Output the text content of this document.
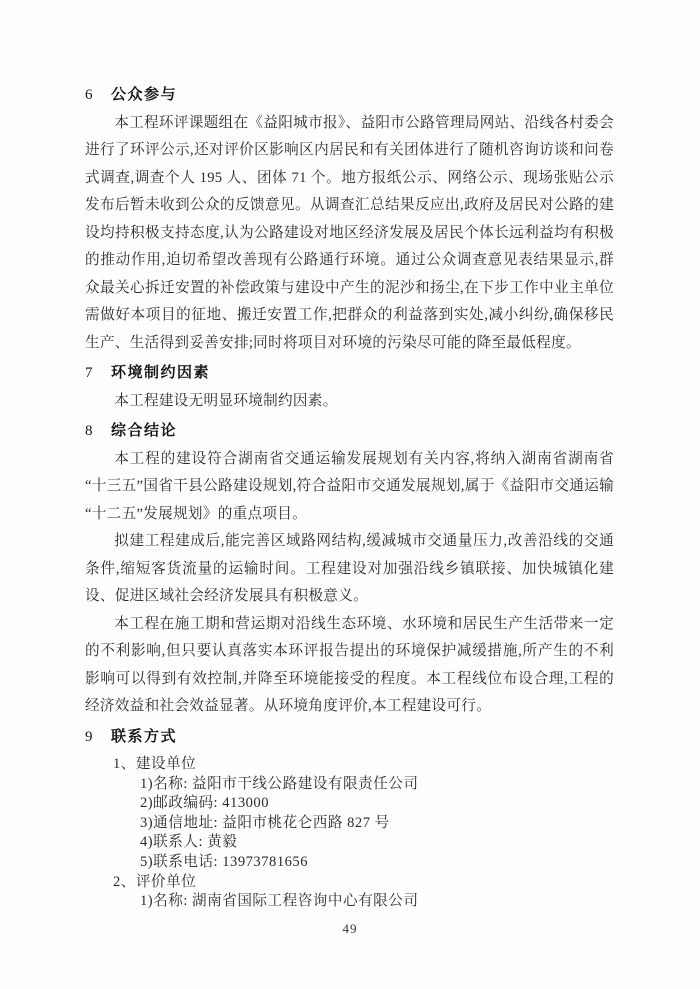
6	公众参与

本工程环评课题组在《益阳城市报》、益阳市公路管理局网站、沿线各村委会进行了环评公示,还对评价区影响区内居民和有关团体进行了随机咨询访谈和问卷式调查,调查个人 195 人、团体 71 个。地方报纸公示、网络公示、现场张贴公示发布后暂未收到公众的反馈意见。从调查汇总结果反应出,政府及居民对公路的建设均持积极支持态度,认为公路建设对地区经济发展及居民个体长远利益均有积极的推动作用,迫切希望改善现有公路通行环境。通过公众调查意见表结果显示,群众最关心拆迁安置的补偿政策与建设中产生的泥沙和扬尘,在下步工作中业主单位需做好本项目的征地、搬迁安置工作,把群众的利益落到实处,减小纠纷,确保移民生产、生活得到妥善安排;同时将项目对环境的污染尽可能的降至最低程度。

7	环境制约因素

本工程建设无明显环境制约因素。

8	综合结论

本工程的建设符合湖南省交通运输发展规划有关内容,将纳入湖南省湖南省“十三五”国省干县公路建设规划,符合益阳市交通发展规划,属于《益阳市交通运输“十二五”发展规划》的重点项目。

拟建工程建成后,能完善区域路网结构,缓减城市交通量压力,改善沿线的交通条件,缩短客货流量的运输时间。工程建设对加强沿线乡镇联接、加快城镇化建设、促进区域社会经济发展具有积极意义。

本工程在施工期和营运期对沿线生态环境、水环境和居民生产生活带来一定的不利影响,但只要认真落实本环评报告提出的环境保护减缓措施,所产生的不利影响可以得到有效控制,并降至环境能接受的程度。本工程线位布设合理,工程的经济效益和社会效益显著。从环境角度评价,本工程建设可行。

9	联系方式

1、建设单位

1)名称: 益阳市干线公路建设有限责任公司

2)邮政编码: 413000

3)通信地址: 益阳市桃花仑西路 827 号

4)联系人: 黄毅

5)联系电话: 13973781656

2、评价单位

1)名称: 湖南省国际工程咨询中心有限公司

49
